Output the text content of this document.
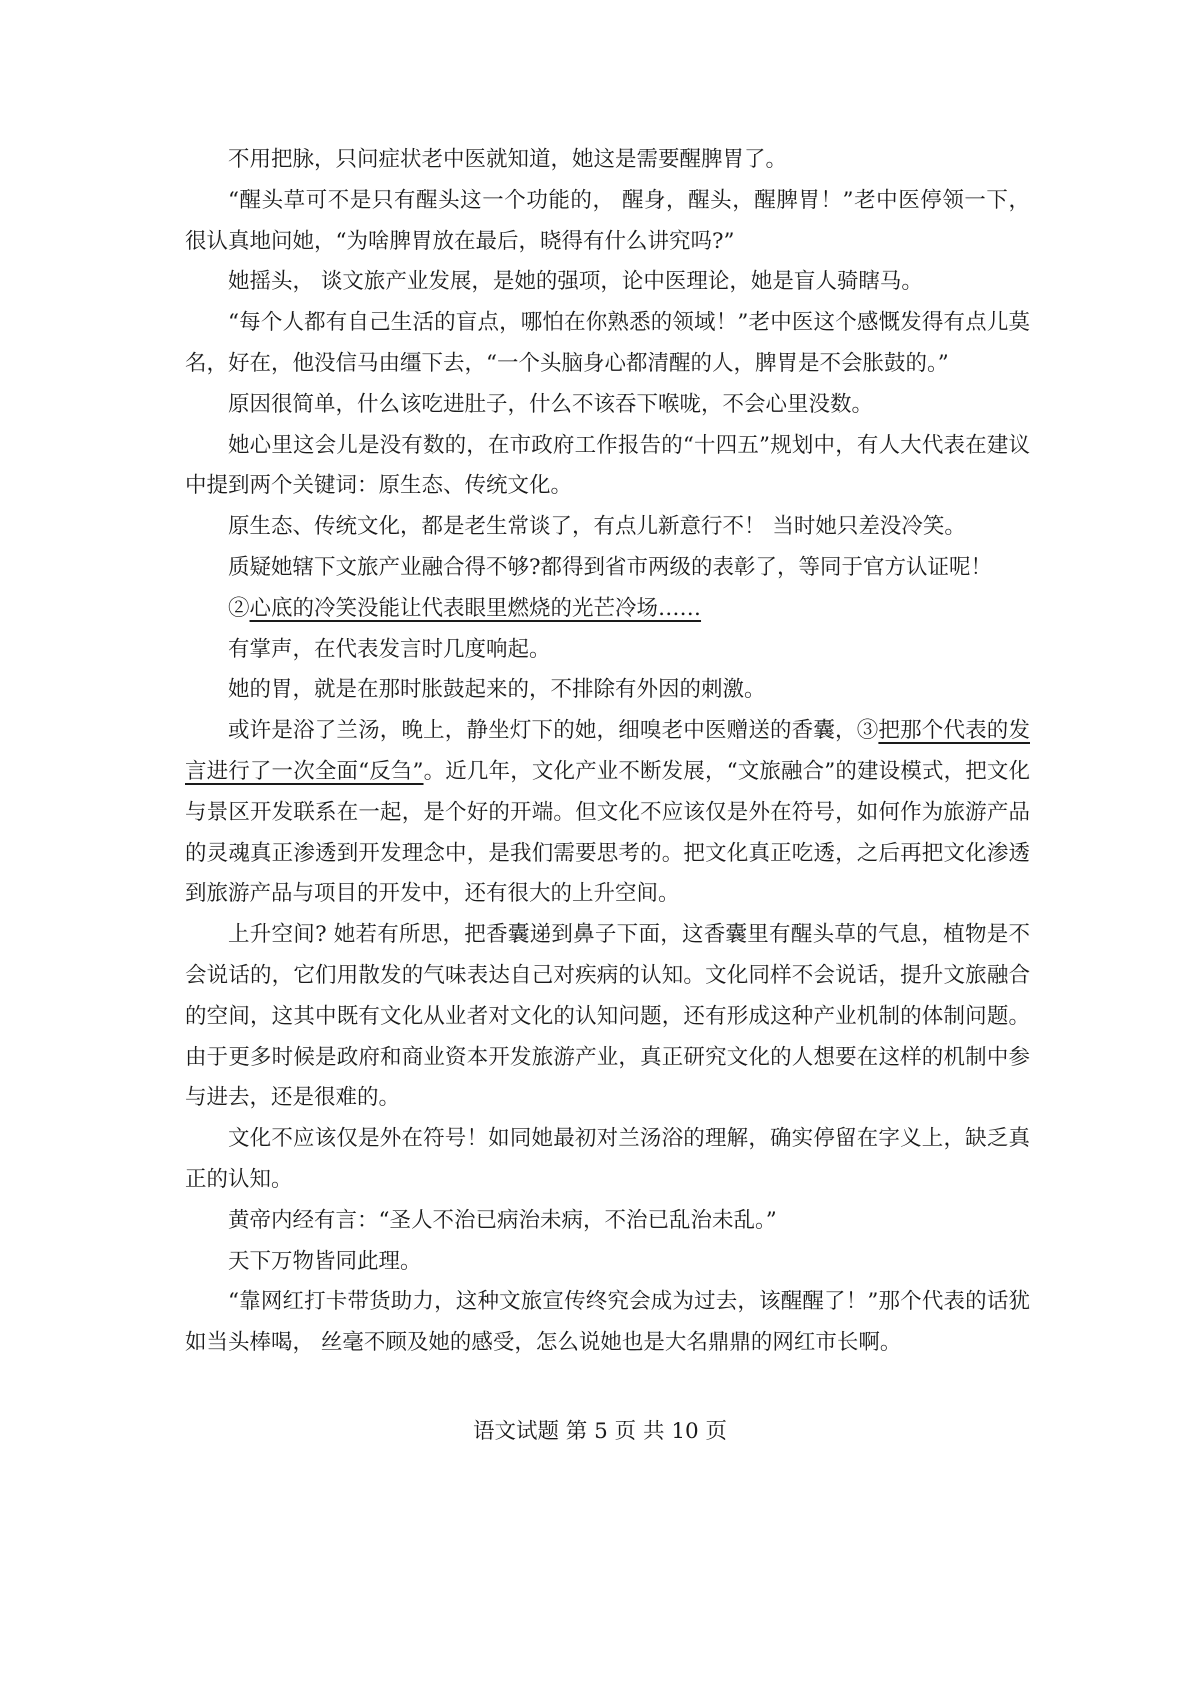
不用把脉，只问症状老中医就知道，她这是需要醒脾胃了。

“醒头草可不是只有醒头这一个功能的， 醒身，醒头，醒脾胃！”老中医停领一下，很认真地问她，“为啥脾胃放在最后，晓得有什么讲究吗?”

她摇头， 谈文旅产业发展，是她的强项，论中医理论，她是盲人骑瞎马。

“每个人都有自己生活的盲点，哪怕在你熟悉的领域！”老中医这个感慨发得有点儿莫名，好在，他没信马由缰下去，“一个头脑身心都清醒的人，脾胃是不会胀鼓的。”

原因很简单，什么该吃进肚子，什么不该吞下喉咙，不会心里没数。

她心里这会儿是没有数的，在市政府工作报告的“十四五”规划中，有人大代表在建议中提到两个关键词：原生态、传统文化。

原生态、传统文化，都是老生常谈了，有点儿新意行不！ 当时她只差没冷笑。

质疑她辖下文旅产业融合得不够?都得到省市两级的表彰了，等同于官方认证呢！

②心底的冷笑没能让代表眼里燃烧的光芒冷场……

有掌声，在代表发言时几度响起。

她的胃，就是在那时胀鼓起来的，不排除有外因的刺激。

或许是浴了兰汤，晚上，静坐灯下的她，细嗅老中医赠送的香囊，③把那个代表的发言进行了一次全面“反刍”。近几年，文化产业不断发展，“文旅融合”的建设模式，把文化与景区开发联系在一起，是个好的开端。但文化不应该仅是外在符号，如何作为旅游产品的灵魂真正渗透到开发理念中，是我们需要思考的。把文化真正吃透，之后再把文化渗透到旅游产品与项目的开发中，还有很大的上升空间。

上升空间? 她若有所思，把香囊递到鼻子下面，这香囊里有醒头草的气息，植物是不会说话的，它们用散发的气味表达自己对疾病的认知。文化同样不会说话，提升文旅融合的空间，这其中既有文化从业者对文化的认知问题，还有形成这种产业机制的体制问题。由于更多时候是政府和商业资本开发旅游产业，真正研究文化的人想要在这样的机制中参与进去，还是很难的。

文化不应该仅是外在符号！如同她最初对兰汤浴的理解，确实停留在字义上，缺乏真正的认知。

黄帝内经有言：“圣人不治已病治未病，不治已乱治未乱。”

天下万物皆同此理。

“靠网红打卡带货助力，这种文旅宣传终究会成为过去，该醒醒了！”那个代表的话犹如当头棒喝， 丝毫不顾及她的感受，怎么说她也是大名鼎鼎的网红市长啊。

语文试题 第 5 页 共 10 页
